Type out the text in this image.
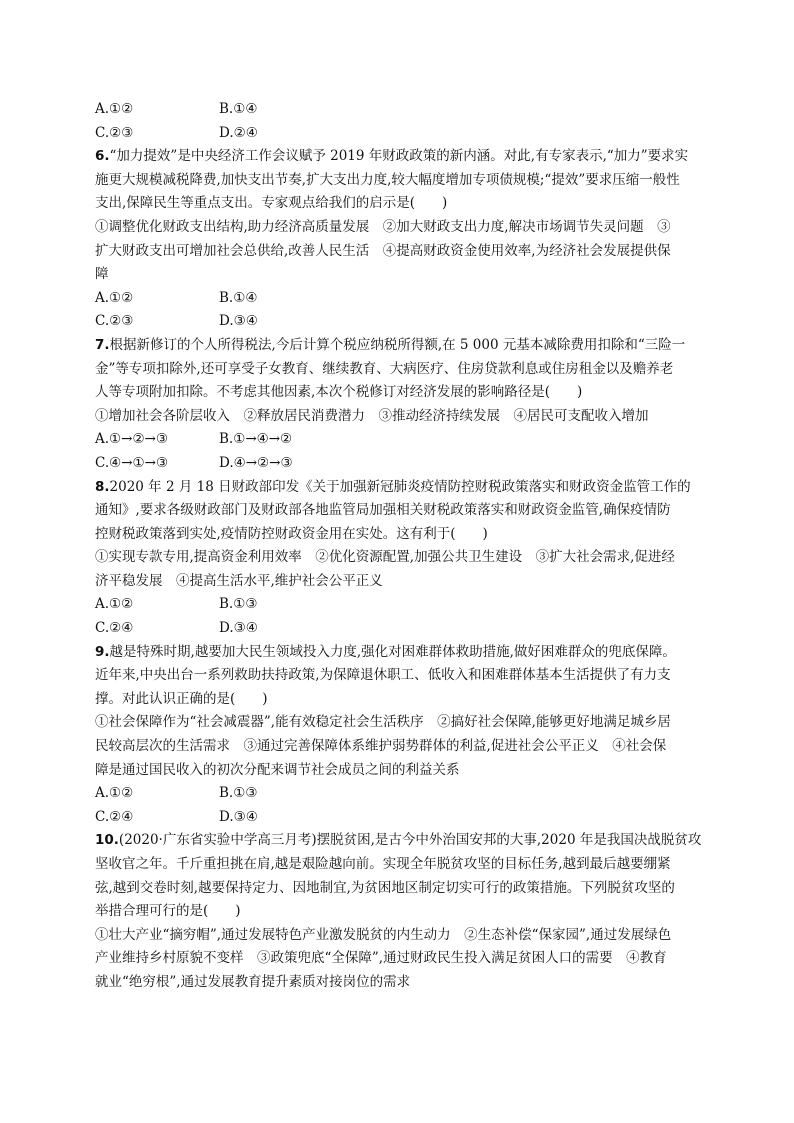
A.①②	B.①④
C.②③	D.②④
6.“加力提效”是中央经济工作会议赋予 2019 年财政政策的新内涵。对此,有专家表示,“加力”要求实
施更大规模减税降费,加快支出节奏,扩大支出力度,较大幅度增加专项债规模;“提效”要求压缩一般性
支出,保障民生等重点支出。专家观点给我们的启示是(　　)
①调整优化财政支出结构,助力经济高质量发展　②加大财政支出力度,解决市场调节失灵问题　③
扩大财政支出可增加社会总供给,改善人民生活　④提高财政资金使用效率,为经济社会发展提供保
障
A.①②	B.①④
C.②③	D.③④
7.根据新修订的个人所得税法,今后计算个税应纳税所得额,在 5 000 元基本减除费用扣除和“三险一
金”等专项扣除外,还可享受子女教育、继续教育、大病医疗、住房贷款利息或住房租金以及赡养老
人等专项附加扣除。不考虑其他因素,本次个税修订对经济发展的影响路径是(　　)
①增加社会各阶层收入　②释放居民消费潜力　③推动经济持续发展　④居民可支配收入增加
A.①→②→③	B.①→④→②
C.④→①→③	D.④→②→③
8.2020 年 2 月 18 日财政部印发《关于加强新冠肺炎疫情防控财税政策落实和财政资金监管工作的
通知》,要求各级财政部门及财政部各地监管局加强相关财税政策落实和财政资金监管,确保疫情防
控财税政策落到实处,疫情防控财政资金用在实处。这有利于(　　)
①实现专款专用,提高资金利用效率　②优化资源配置,加强公共卫生建设　③扩大社会需求,促进经
济平稳发展　④提高生活水平,维护社会公平正义
A.①②	B.①③
C.②④	D.③④
9.越是特殊时期,越要加大民生领域投入力度,强化对困难群体救助措施,做好困难群众的兜底保障。
近年来,中央出台一系列救助扶持政策,为保障退休职工、低收入和困难群体基本生活提供了有力支
撑。对此认识正确的是(　　)
①社会保障作为“社会减震器”,能有效稳定社会生活秩序　②搞好社会保障,能够更好地满足城乡居
民较高层次的生活需求　③通过完善保障体系维护弱势群体的利益,促进社会公平正义　④社会保
障是通过国民收入的初次分配来调节社会成员之间的利益关系
A.①②	B.①③
C.②④	D.③④
10.(2020·广东省实验中学高三月考)摆脱贫困,是古今中外治国安邦的大事,2020 年是我国决战脱贫攻
坚收官之年。千斤重担挑在肩,越是艰险越向前。实现全年脱贫攻坚的目标任务,越到最后越要绷紧
弦,越到交卷时刻,越要保持定力、因地制宜,为贫困地区制定切实可行的政策措施。下列脱贫攻坚的
举措合理可行的是(　　)
①壮大产业“摘穷帽”,通过发展特色产业激发脱贫的内生动力　②生态补偿“保家园”,通过发展绿色
产业维持乡村原貌不变样　③政策兜底“全保障”,通过财政民生投入满足贫困人口的需要　④教育
就业“绝穷根”,通过发展教育提升素质对接岗位的需求
